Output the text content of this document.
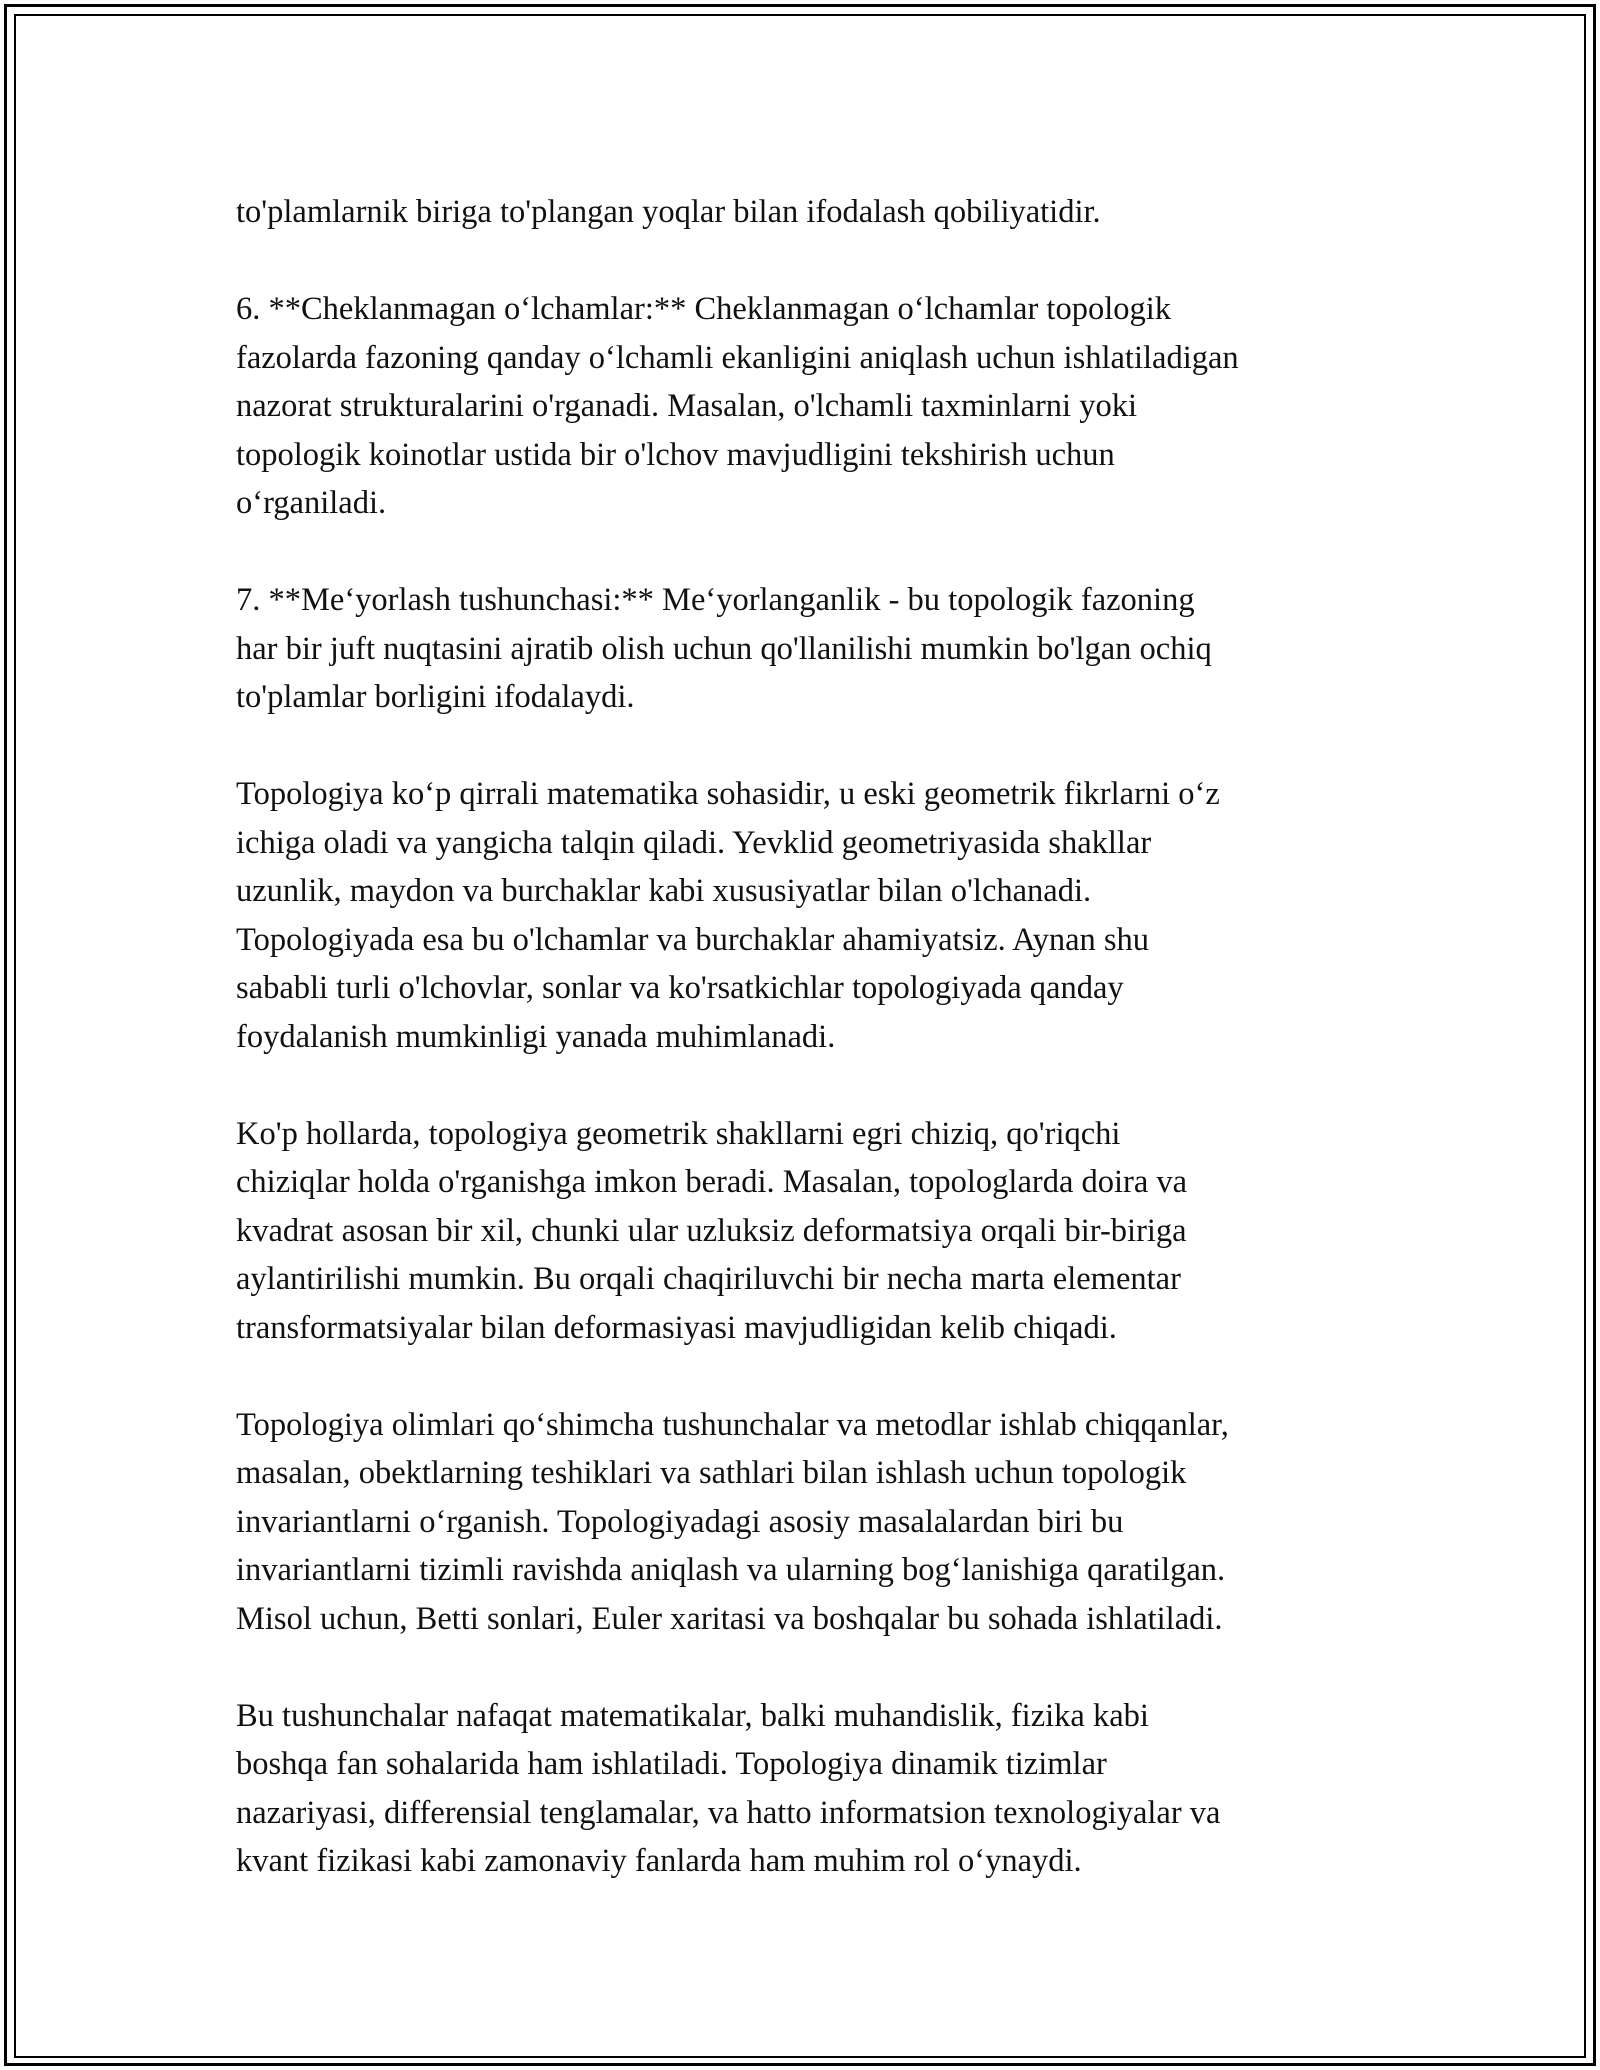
to'plamlarnik biriga to'plangan yoqlar bilan ifodalash qobiliyatidir.

6. **Cheklanmagan o‘lchamlar:** Cheklanmagan o‘lchamlar topologik
fazolarda fazoning qanday o‘lchamli ekanligini aniqlash uchun ishlatiladigan
nazorat strukturalarini o'rganadi. Masalan, o'lchamli taxminlarni yoki
topologik koinotlar ustida bir o'lchov mavjudligini tekshirish uchun
o‘rganiladi.

7. **Me‘yorlash tushunchasi:** Me‘yorlanganlik - bu topologik fazoning
har bir juft nuqtasini ajratib olish uchun qo'llanilishi mumkin bo'lgan ochiq
to'plamlar borligini ifodalaydi.

Topologiya ko‘p qirrali matematika sohasidir, u eski geometrik fikrlarni o‘z
ichiga oladi va yangicha talqin qiladi. Yevklid geometriyasida shakllar
uzunlik, maydon va burchaklar kabi xususiyatlar bilan o'lchanadi.
Topologiyada esa bu o'lchamlar va burchaklar ahamiyatsiz. Aynan shu
sababli turli o'lchovlar, sonlar va ko'rsatkichlar topologiyada qanday
foydalanish mumkinligi yanada muhimlanadi.

Ko'p hollarda, topologiya geometrik shakllarni egri chiziq, qo'riqchi
chiziqlar holda o'rganishga imkon beradi. Masalan, topologlarda doira va
kvadrat asosan bir xil, chunki ular uzluksiz deformatsiya orqali bir-biriga
aylantirilishi mumkin. Bu orqali chaqiriluvchi bir necha marta elementar
transformatsiyalar bilan deformasiyasi mavjudligidan kelib chiqadi.

Topologiya olimlari qo‘shimcha tushunchalar va metodlar ishlab chiqqanlar,
masalan, obektlarning teshiklari va sathlari bilan ishlash uchun topologik
invariantlarni o‘rganish. Topologiyadagi asosiy masalalardan biri bu
invariantlarni tizimli ravishda aniqlash va ularning bog‘lanishiga qaratilgan.
Misol uchun, Betti sonlari, Euler xaritasi va boshqalar bu sohada ishlatiladi.

Bu tushunchalar nafaqat matematikalar, balki muhandislik, fizika kabi
boshqa fan sohalarida ham ishlatiladi. Topologiya dinamik tizimlar
nazariyasi, differensial tenglamalar, va hatto informatsion texnologiyalar va
kvant fizikasi kabi zamonaviy fanlarda ham muhim rol o‘ynaydi.
